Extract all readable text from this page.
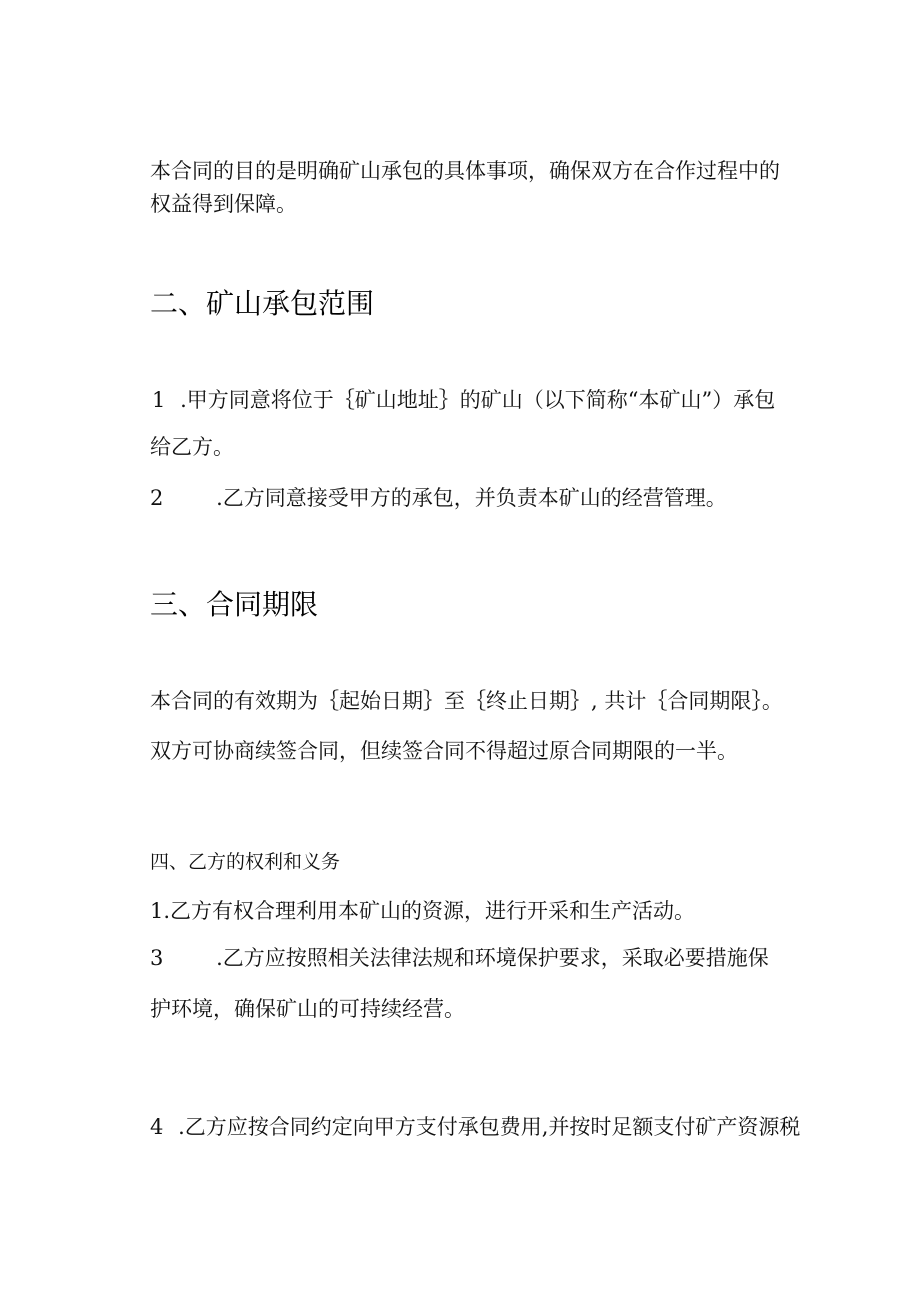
本合同的目的是明确矿山承包的具体事项，确保双方在合作过程中的
权益得到保障。
二、矿山承包范围
1 .甲方同意将位于｛矿山地址｝的矿山（以下简称“本矿山”）承包
给乙方。
2	.乙方同意接受甲方的承包，并负责本矿山的经营管理。
三、合同期限
本合同的有效期为｛起始日期｝至｛终止日期｝, 共计｛合同期限｝。
双方可协商续签合同，但续签合同不得超过原合同期限的一半。
四、乙方的权利和义务
1.乙方有权合理利用本矿山的资源，进行开采和生产活动。
3	.乙方应按照相关法律法规和环境保护要求，采取必要措施保
护环境，确保矿山的可持续经营。
4 .乙方应按合同约定向甲方支付承包费用,并按时足额支付矿产资源税
